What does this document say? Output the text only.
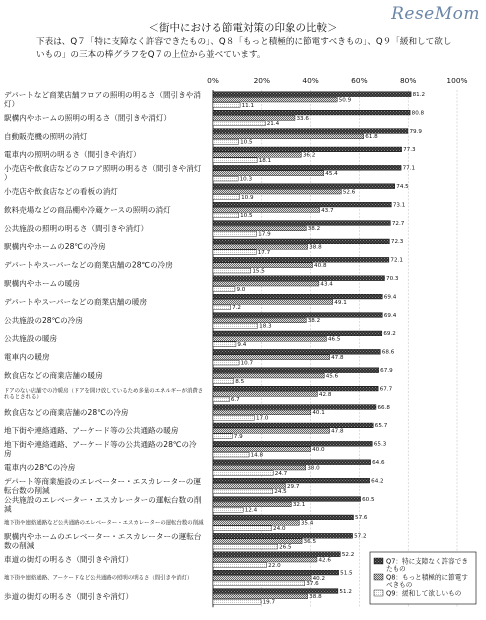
ReseMom
＜街中における節電対策の印象の比較＞
下表は、Q７「特に支障なく許容できたもの」、Q８「もっと積極的に節電すべきもの」、Q９「緩和して欲しいもの」の三本の棒グラフをQ７の上位から並べています。
0%	20%	40%	60%	80%	100%
デパートなど商業店舗フロアの照明の明るさ（間引きや消灯）
駅構内やホームの照明の明るさ（間引きや消灯）
自動販売機の照明の消灯
電車内の照明の明るさ（間引きや消灯）
小売店や飲食店などのフロア照明の明るさ（間引きや消灯）
小売店や飲食店などの看板の消灯
飲料売場などの商品棚や冷蔵ケースの照明の消灯
公共施設の照明の明るさ（間引きや消灯）
駅構内やホームの28℃の冷房
デパートやスーパーなどの商業店舗の28℃の冷房
駅構内やホームの暖房
デパートやスーパーなどの商業店舗の暖房
公共施設の28℃の冷房
公共施設の暖房
電車内の暖房
飲食店などの商業店舗の暖房
ドアのない店舗での冷暖房（ドアを開け放しているため多量のエネルギーが消費されるとされる）
飲食店などの商業店舗の28℃の冷房
地下街や連絡通路、アーケード等の公共通路の暖房
地下街や連絡通路、アーケード等の公共通路の28℃の冷房
電車内の28℃の冷房
デパート等商業施設のエレベーター・エスカレーターの運転台数の削減
公共施設のエレベーター・エスカレーターの運転台数の削減
地下街や連絡通路など公共通路のエレベーター・エスカレーターの運転台数の削減
駅構内やホームのエレベーター・エスカレーターの運転台数の削減
車道の街灯の明るさ（間引きや消灯）
地下街や連絡通路、アーケードなど公共通路の照明の明るさ（間引きや消灯）
歩道の街灯の明るさ（間引きや消灯）
81.2
80.8
79.9
77.3
77.1
74.5
73.1
72.7
72.3
72.1
70.3
69.4
69.4
69.2
68.6
67.9
67.7
66.8
65.7
65.3
64.6
64.2
60.5
57.6
57.2
52.2
51.5
51.2
50.9
33.6
61.8
36.2
45.4
52.6
43.7
38.2
38.8
40.8
43.4
49.1
38.2
46.5
47.8
45.6
42.8
40.1
47.8
40.0
38.0
29.7
32.1
35.4
36.5
42.6
40.2
38.8
11.1
21.4
10.5
18.1
10.3
10.9
10.5
17.9
17.7
15.5
9.0
7.2
18.3
9.4
10.7
8.5
6.7
17.0
7.9
14.8
24.7
24.5
12.4
24.0
26.5
22.0
37.6
19.7
Q7：特に支障なく許容できたもの
Q8：もっと積極的に節電すべきもの
Q9：緩和して欲しいもの
